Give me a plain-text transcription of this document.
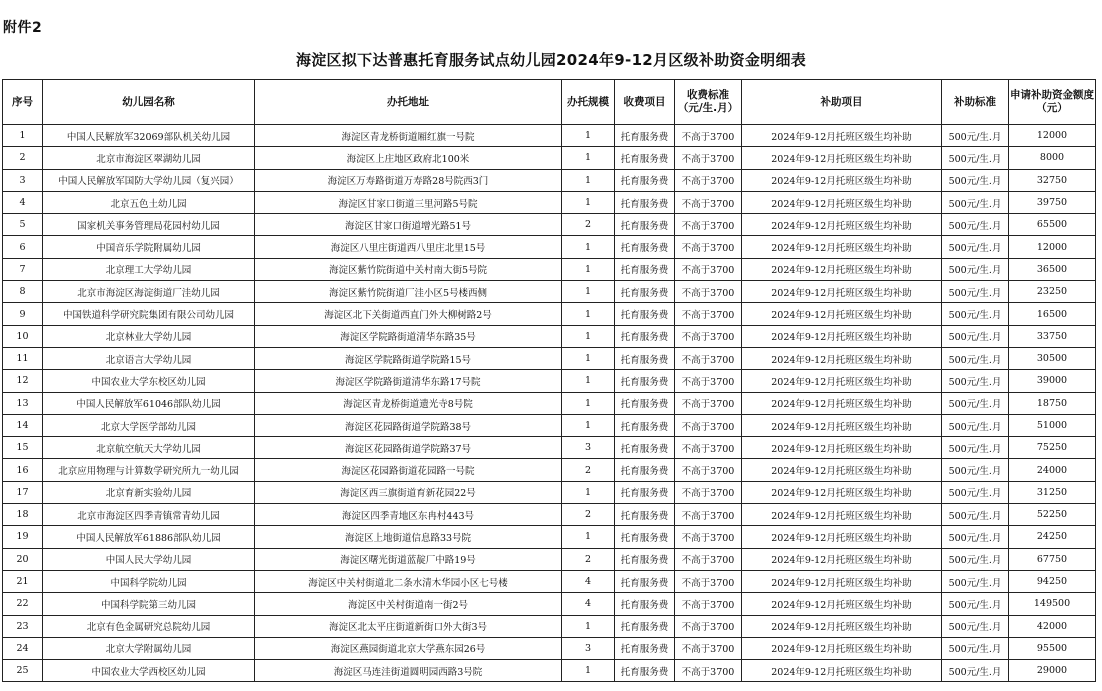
附件2
海淀区拟下达普惠托育服务试点幼儿园2024年9-12月区级补助资金明细表
序号	幼儿园名称	办托地址	办托规模	收费项目	收费标准（元/生.月）	补助项目	补助标准	申请补助资金额度（元）
1	中国人民解放军32069部队机关幼儿园	海淀区青龙桥街道厢红旗一号院	1	托育服务费	不高于3700	2024年9-12月托班区级生均补助	500元/生.月	12000
2	北京市海淀区翠湖幼儿园	海淀区上庄地区政府北100米	1	托育服务费	不高于3700	2024年9-12月托班区级生均补助	500元/生.月	8000
3	中国人民解放军国防大学幼儿园（复兴园）	海淀区万寿路街道万寿路28号院西3门	1	托育服务费	不高于3700	2024年9-12月托班区级生均补助	500元/生.月	32750
4	北京五色土幼儿园	海淀区甘家口街道三里河路5号院	1	托育服务费	不高于3700	2024年9-12月托班区级生均补助	500元/生.月	39750
5	国家机关事务管理局花园村幼儿园	海淀区甘家口街道增光路51号	2	托育服务费	不高于3700	2024年9-12月托班区级生均补助	500元/生.月	65500
6	中国音乐学院附属幼儿园	海淀区八里庄街道西八里庄北里15号	1	托育服务费	不高于3700	2024年9-12月托班区级生均补助	500元/生.月	12000
7	北京理工大学幼儿园	海淀区紫竹院街道中关村南大街5号院	1	托育服务费	不高于3700	2024年9-12月托班区级生均补助	500元/生.月	36500
8	北京市海淀区海淀街道厂洼幼儿园	海淀区紫竹院街道厂洼小区5号楼西侧	1	托育服务费	不高于3700	2024年9-12月托班区级生均补助	500元/生.月	23250
9	中国铁道科学研究院集团有限公司幼儿园	海淀区北下关街道西直门外大柳树路2号	1	托育服务费	不高于3700	2024年9-12月托班区级生均补助	500元/生.月	16500
10	北京林业大学幼儿园	海淀区学院路街道清华东路35号	1	托育服务费	不高于3700	2024年9-12月托班区级生均补助	500元/生.月	33750
11	北京语言大学幼儿园	海淀区学院路街道学院路15号	1	托育服务费	不高于3700	2024年9-12月托班区级生均补助	500元/生.月	30500
12	中国农业大学东校区幼儿园	海淀区学院路街道清华东路17号院	1	托育服务费	不高于3700	2024年9-12月托班区级生均补助	500元/生.月	39000
13	中国人民解放军61046部队幼儿园	海淀区青龙桥街道遗光寺8号院	1	托育服务费	不高于3700	2024年9-12月托班区级生均补助	500元/生.月	18750
14	北京大学医学部幼儿园	海淀区花园路街道学院路38号	1	托育服务费	不高于3700	2024年9-12月托班区级生均补助	500元/生.月	51000
15	北京航空航天大学幼儿园	海淀区花园路街道学院路37号	3	托育服务费	不高于3700	2024年9-12月托班区级生均补助	500元/生.月	75250
16	北京应用物理与计算数学研究所九一幼儿园	海淀区花园路街道花园路一号院	2	托育服务费	不高于3700	2024年9-12月托班区级生均补助	500元/生.月	24000
17	北京育新实验幼儿园	海淀区西三旗街道育新花园22号	1	托育服务费	不高于3700	2024年9-12月托班区级生均补助	500元/生.月	31250
18	北京市海淀区四季青镇常青幼儿园	海淀区四季青地区东冉村443号	2	托育服务费	不高于3700	2024年9-12月托班区级生均补助	500元/生.月	52250
19	中国人民解放军61886部队幼儿园	海淀区上地街道信息路33号院	1	托育服务费	不高于3700	2024年9-12月托班区级生均补助	500元/生.月	24250
20	中国人民大学幼儿园	海淀区曙光街道蓝靛厂中路19号	2	托育服务费	不高于3700	2024年9-12月托班区级生均补助	500元/生.月	67750
21	中国科学院幼儿园	海淀区中关村街道北二条水清木华园小区七号楼	4	托育服务费	不高于3700	2024年9-12月托班区级生均补助	500元/生.月	94250
22	中国科学院第三幼儿园	海淀区中关村街道南一街2号	4	托育服务费	不高于3700	2024年9-12月托班区级生均补助	500元/生.月	149500
23	北京有色金属研究总院幼儿园	海淀区北太平庄街道新街口外大街3号	1	托育服务费	不高于3700	2024年9-12月托班区级生均补助	500元/生.月	42000
24	北京大学附属幼儿园	海淀区燕园街道北京大学燕东园26号	3	托育服务费	不高于3700	2024年9-12月托班区级生均补助	500元/生.月	95500
25	中国农业大学西校区幼儿园	海淀区马连洼街道圆明园西路3号院	1	托育服务费	不高于3700	2024年9-12月托班区级生均补助	500元/生.月	29000
